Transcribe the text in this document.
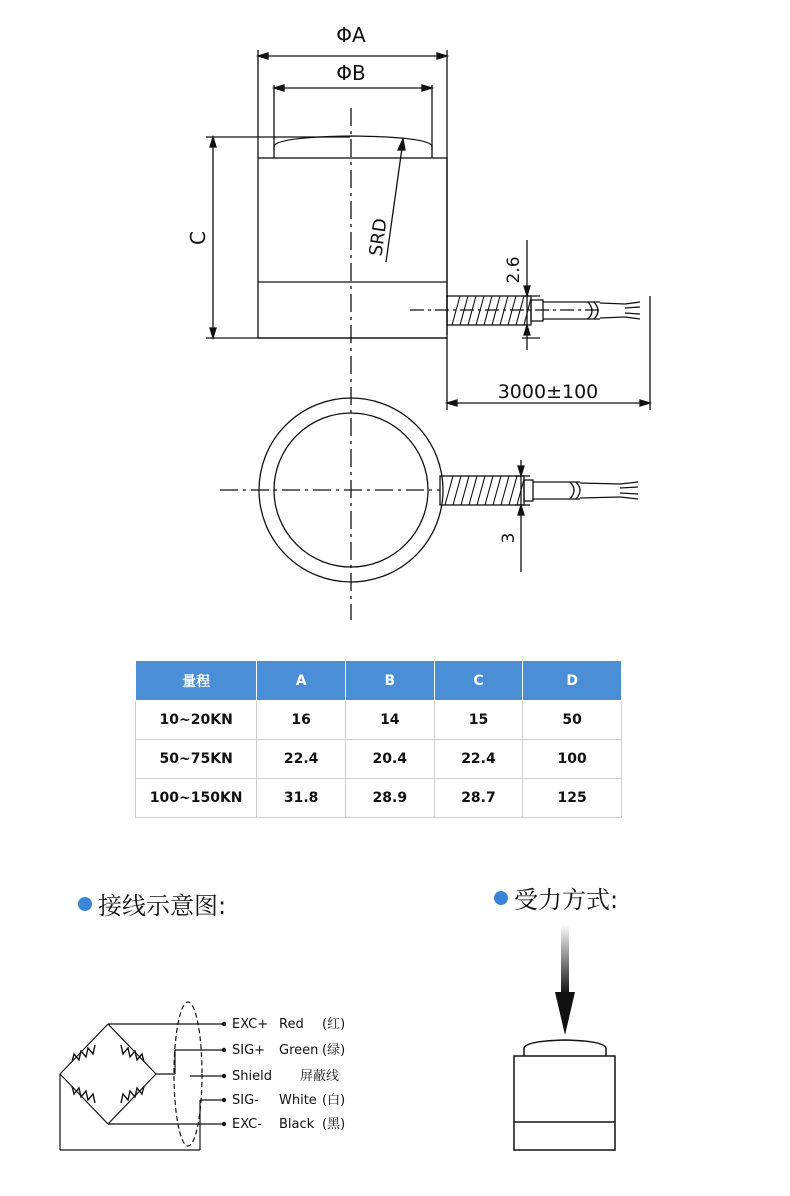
ΦA
ΦB
C	SRD
2.6
3000±100
3
量程	A	B	C	D
10~20KN	16	14	15	50
50~75KN	22.4	20.4	22.4	100
100~150KN	31.8	28.9	28.7	125
接线示意图:	受力方式:
EXC+ Red (红)
SIG+ Green (绿)
Shield 屏蔽线
SIG- White (白)
EXC- Black (黑)
